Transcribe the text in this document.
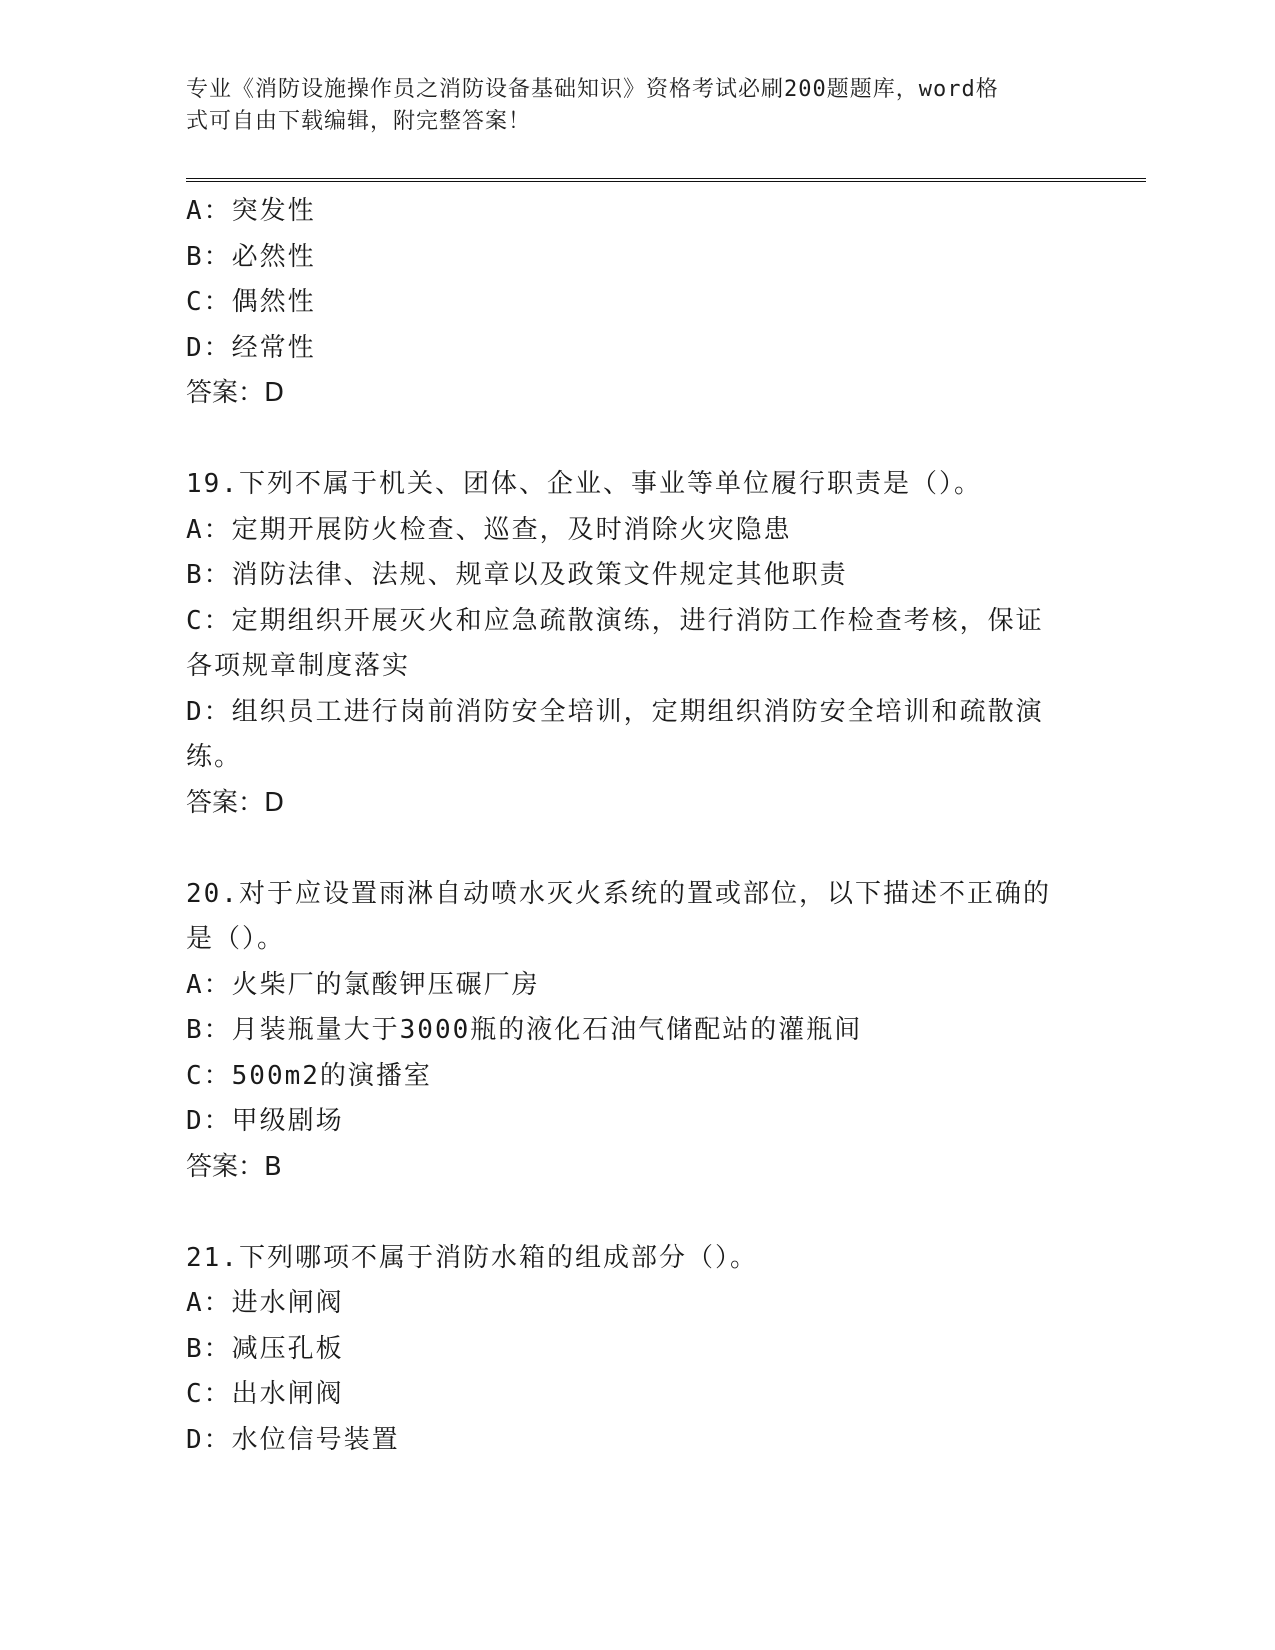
专业《消防设施操作员之消防设备基础知识》资格考试必刷200题题库，word格
式可自由下载编辑，附完整答案！
A：突发性
B：必然性
C：偶然性
D：经常性
答案：D
19.下列不属于机关、团体、企业、事业等单位履行职责是（）。
A：定期开展防火检查、巡查，及时消除火灾隐患
B：消防法律、法规、规章以及政策文件规定其他职责
C：定期组织开展灭火和应急疏散演练，进行消防工作检查考核，保证
各项规章制度落实
D：组织员工进行岗前消防安全培训，定期组织消防安全培训和疏散演
练。
答案：D
20.对于应设置雨淋自动喷水灭火系统的置或部位，以下描述不正确的
是（）。
A：火柴厂的氯酸钾压碾厂房
B：月装瓶量大于3000瓶的液化石油气储配站的灌瓶间
C：500m2的演播室
D：甲级剧场
答案：B
21.下列哪项不属于消防水箱的组成部分（）。
A：进水闸阀
B：减压孔板
C：出水闸阀
D：水位信号装置
